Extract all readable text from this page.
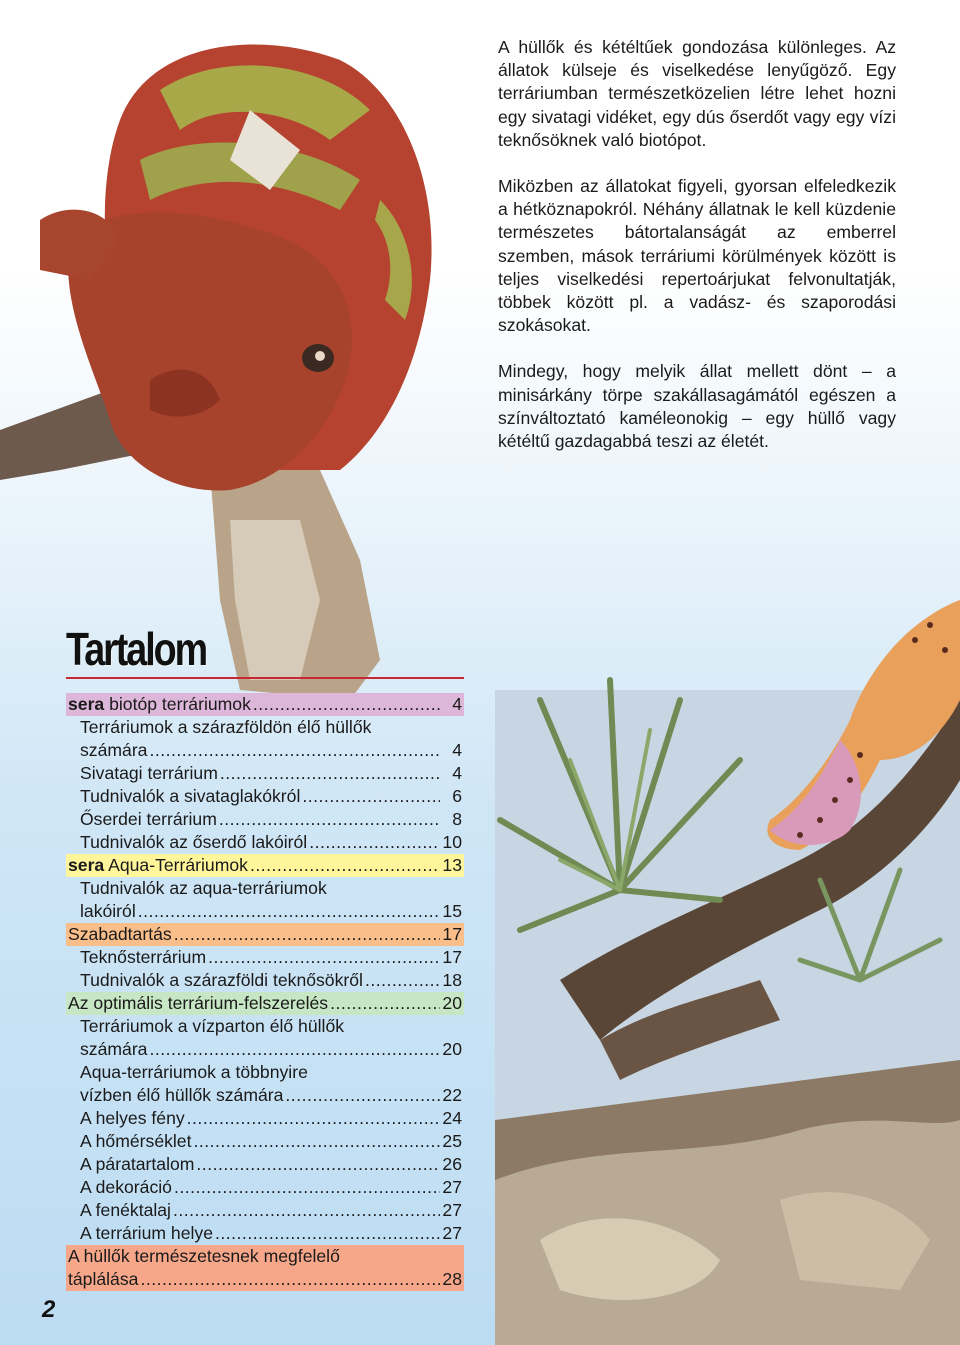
A hüllők és kétéltűek gondozása különleges. Az állatok külseje és viselkedése lenyűgöző. Egy terráriumban természetközelien létre lehet hozni egy sivatagi vidéket, egy dús őserdőt vagy egy vízi teknősöknek való biotópot.

Miközben az állatokat figyeli, gyorsan elfeledkezik a hétköznapokról. Néhány állatnak le kell küzdenie természetes bátortalanságát az emberrel szemben, mások terráriumi körülmények között is teljes viselkedési repertoárjukat felvonultatják, többek között pl. a vadász- és szaporodási szokásokat.

Mindegy, hogy melyik állat mellett dönt – a minisárkány törpe szakállasagámától egészen a színváltoztató kaméleonokig – egy hüllő vagy kétéltű gazdagabbá teszi az életét.

Tartalom
sera biotóp terráriumok .....	4
Terráriumok a szárazföldön élő hüllők
számára .....	4
Sivatagi terrárium .....	4
Tudnivalók a sivataglakókról .....	6
Őserdei terrárium .....	8
Tudnivalók az őserdő lakóiról .....	10
sera Aqua-Terráriumok .....	13
Tudnivalók az aqua-terráriumok
lakóiról .....	15
Szabadtartás .....	17
Teknősterrárium .....	17
Tudnivalók a szárazföldi teknősökről .....	18
Az optimális terrárium-felszerelés .....	20
Terráriumok a vízparton élő hüllők
számára .....	20
Aqua-terráriumok a többnyire
vízben élő hüllők számára .....	22
A helyes fény .....	24
A hőmérséklet .....	25
A páratartalom .....	26
A dekoráció .....	27
A fenéktalaj .....	27
A terrárium helye .....	27
A hüllők természetesnek megfelelő
táplálása .....	28
2
